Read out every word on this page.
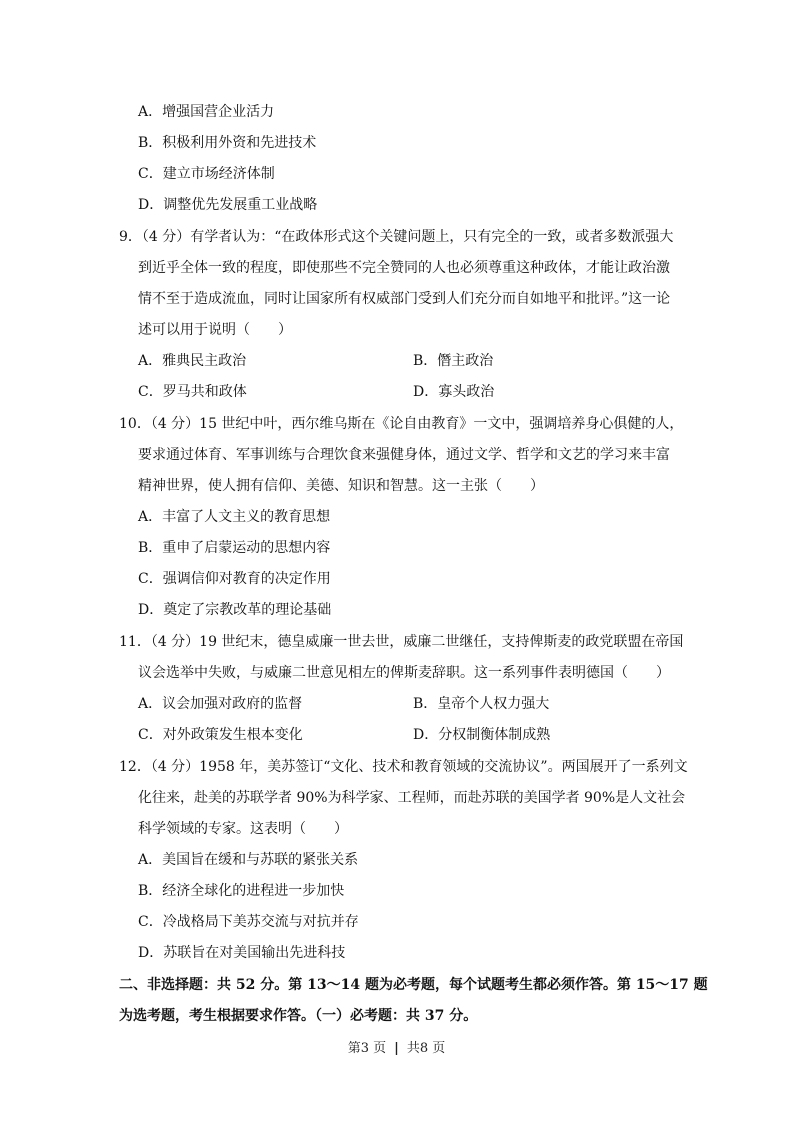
A．增强国营企业活力
B．积极利用外资和先进技术
C．建立市场经济体制
D．调整优先发展重工业战略
9．（4 分）有学者认为：“在政体形式这个关键问题上，只有完全的一致，或者多数派强大
到近乎全体一致的程度，即使那些不完全赞同的人也必须尊重这种政体，才能让政治激
情不至于造成流血，同时让国家所有权威部门受到人们充分而自如地平和批评。”这一论
述可以用于说明（　　）
A．雅典民主政治	B．僭主政治
C．罗马共和政体	D．寡头政治
10．（4 分）15 世纪中叶，西尔维乌斯在《论自由教育》一文中，强调培养身心俱健的人，
要求通过体育、军事训练与合理饮食来强健身体，通过文学、哲学和文艺的学习来丰富
精神世界，使人拥有信仰、美德、知识和智慧。这一主张（　　）
A．丰富了人文主义的教育思想
B．重申了启蒙运动的思想内容
C．强调信仰对教育的决定作用
D．奠定了宗教改革的理论基础
11．（4 分）19 世纪末，德皇威廉一世去世，威廉二世继任，支持俾斯麦的政党联盟在帝国
议会选举中失败，与威廉二世意见相左的俾斯麦辞职。这一系列事件表明德国（　　）
A．议会加强对政府的监督	B．皇帝个人权力强大
C．对外政策发生根本变化	D．分权制衡体制成熟
12．（4 分）1958 年，美苏签订“文化、技术和教育领域的交流协议”。两国展开了一系列文
化往来，赴美的苏联学者 90%为科学家、工程师，而赴苏联的美国学者 90%是人文社会
科学领域的专家。这表明（　　）
A．美国旨在缓和与苏联的紧张关系
B．经济全球化的进程进一步加快
C．冷战格局下美苏交流与对抗并存
D．苏联旨在对美国输出先进科技
二、非选择题：共 52 分。第 13～14 题为必考题，每个试题考生都必须作答。第 15～17 题
为选考题，考生根据要求作答。（一）必考题：共 37 分。
第3 页 | 共8 页
